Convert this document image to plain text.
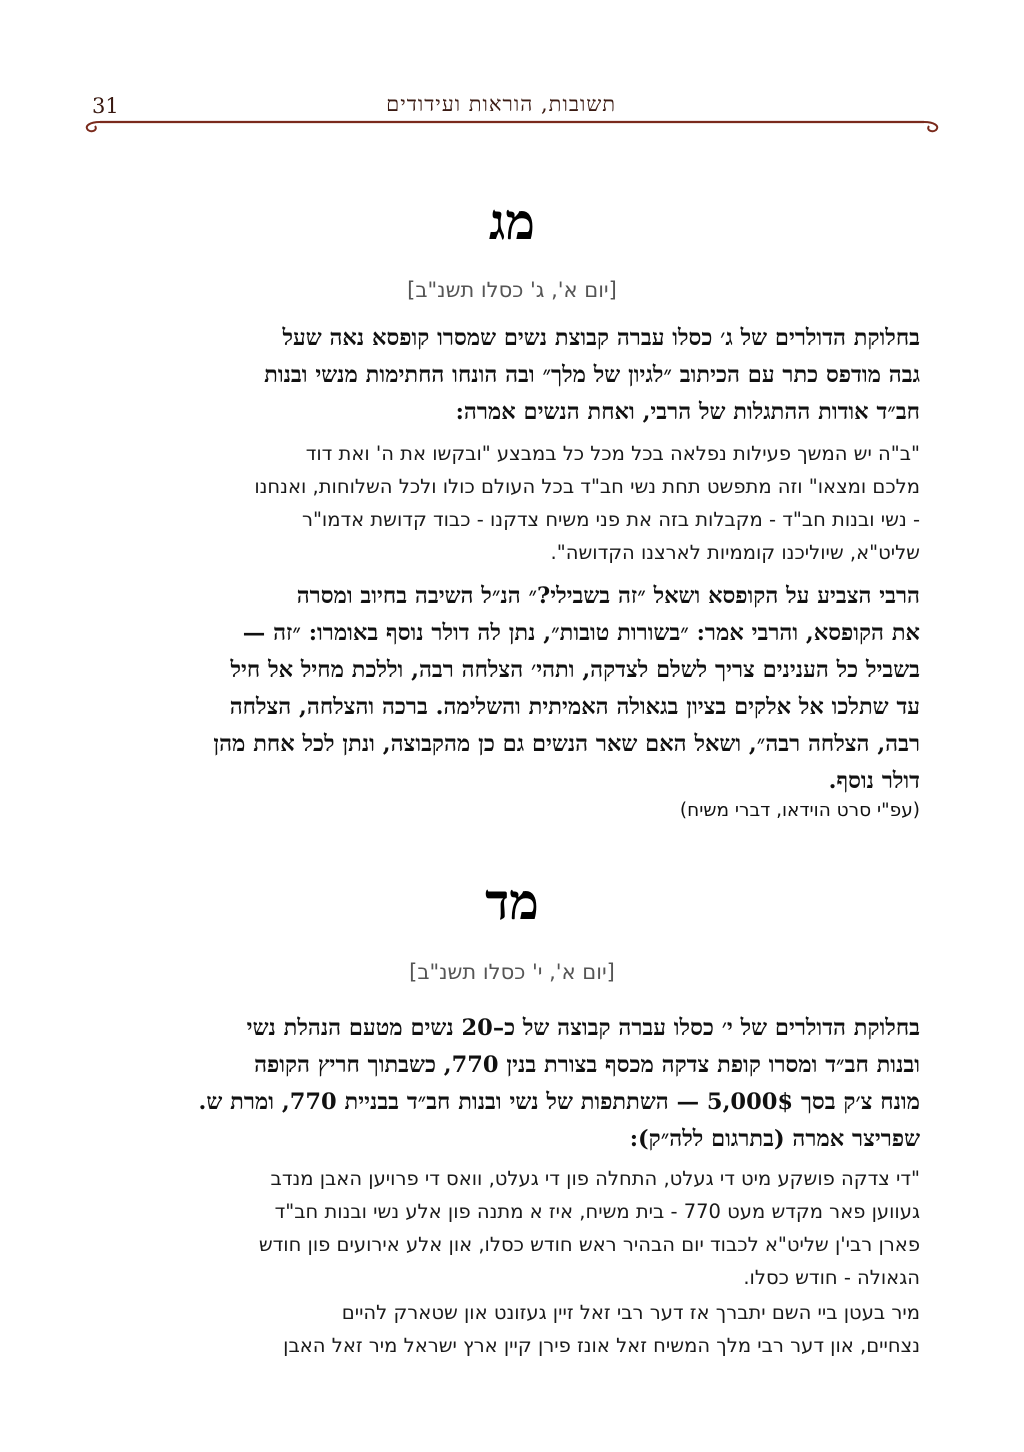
31	תשובות, הוראות ועידודים
מג
[יום א', ג' כסלו תשנ"ב]
בחלוקת הדולרים של ג׳ כסלו עברה קבוצת נשים שמסרו קופסא נאה שעל
גבה מודפס כתר עם הכיתוב ״לגיון של מלך״ ובה הונחו החתימות מנשי ובנות
חב״ד אודות ההתגלות של הרבי, ואחת הנשים אמרה:
"ב"ה יש המשך פעילות נפלאה בכל מכל כל במבצע "ובקשו את ה' ואת דוד
מלכם ומצאו" וזה מתפשט תחת נשי חב"ד בכל העולם כולו ולכל השלוחות, ואנחנו
- נשי ובנות חב"ד - מקבלות בזה את פני משיח צדקנו - כבוד קדושת אדמו"ר
שליט"א, שיוליכנו קוממיות לארצנו הקדושה".
הרבי הצביע על הקופסא ושאל ״זה בשבילי?״ הנ״ל השיבה בחיוב ומסרה
את הקופסא, והרבי אמר: ״בשורות טובות״, נתן לה דולר נוסף באומרו: ״זה —
בשביל כל הענינים צריך לשלם לצדקה, ותהי׳ הצלחה רבה, וללכת מחיל אל חיל
עד שתלכו אל אלקים בציון בגאולה האמיתית והשלימה. ברכה והצלחה, הצלחה
רבה, הצלחה רבה״, ושאל האם שאר הנשים גם כן מהקבוצה, ונתן לכל אחת מהן
דולר נוסף.
(עפ"י סרט הוידאו, דברי משיח)
מד
[יום א', י' כסלו תשנ"ב]
בחלוקת הדולרים של י׳ כסלו עברה קבוצה של כ–20 נשים מטעם הנהלת נשי
ובנות חב״ד ומסרו קופת צדקה מכסף בצורת בנין 770, כשבתוך חריץ הקופה
מונח צ׳ק בסך 5,000$ — השתתפות של נשי ובנות חב״ד בבניית 770, ומרת ש.
שפריצר אמרה (בתרגום ללה״ק):
"די צדקה פושקע מיט די געלט, התחלה פון די געלט, וואס די פרויען האבן מנדב
געווען פאר מקדש מעט 770 - בית משיח, איז א מתנה פון אלע נשי ובנות חב"ד
פארן רבי'ן שליט"א לכבוד יום הבהיר ראש חודש כסלו, און אלע אירועים פון חודש
הגאולה - חודש כסלו.
מיר בעטן ביי השם יתברך אז דער רבי זאל זיין געזונט און שטארק להיים
נצחיים, און דער רבי מלך המשיח זאל אונז פירן קיין ארץ ישראל מיר זאל האבן
